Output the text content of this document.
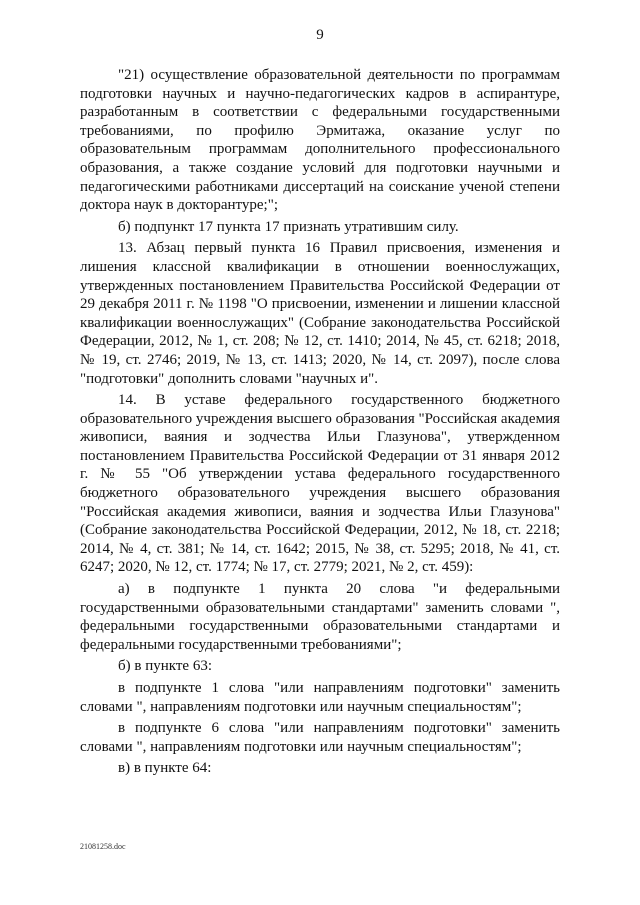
9

"21) осуществление образовательной деятельности по программам подготовки научных и научно-педагогических кадров в аспирантуре, разработанным в соответствии с федеральными государственными требованиями, по профилю Эрмитажа, оказание услуг по образовательным программам дополнительного профессионального образования, а также создание условий для подготовки научными и педагогическими работниками диссертаций на соискание ученой степени доктора наук в докторантуре;";

б) подпункт 17 пункта 17 признать утратившим силу.

13. Абзац первый пункта 16 Правил присвоения, изменения и лишения классной квалификации в отношении военнослужащих, утвержденных постановлением Правительства Российской Федерации от 29 декабря 2011 г. № 1198 "О присвоении, изменении и лишении классной квалификации военнослужащих" (Собрание законодательства Российской Федерации, 2012, № 1, ст. 208; № 12, ст. 1410; 2014, № 45, ст. 6218; 2018, № 19, ст. 2746; 2019, № 13, ст. 1413; 2020, № 14, ст. 2097), после слова "подготовки" дополнить словами "научных и".

14. В уставе федерального государственного бюджетного образовательного учреждения высшего образования "Российская академия живописи, ваяния и зодчества Ильи Глазунова", утвержденном постановлением Правительства Российской Федерации от 31 января 2012 г. № 55 "Об утверждении устава федерального государственного бюджетного образовательного учреждения высшего образования "Российская академия живописи, ваяния и зодчества Ильи Глазунова" (Собрание законодательства Российской Федерации, 2012, № 18, ст. 2218; 2014, № 4, ст. 381; № 14, ст. 1642; 2015, № 38, ст. 5295; 2018, № 41, ст. 6247; 2020, № 12, ст. 1774; № 17, ст. 2779; 2021, № 2, ст. 459):

а) в подпункте 1 пункта 20 слова "и федеральными государственными образовательными стандартами" заменить словами ", федеральными государственными образовательными стандартами и федеральными государственными требованиями";

б) в пункте 63:

в подпункте 1 слова "или направлениям подготовки" заменить словами ", направлениям подготовки или научным специальностям";

в подпункте 6 слова "или направлениям подготовки" заменить словами ", направлениям подготовки или научным специальностям";

в) в пункте 64:

21081258.doc
